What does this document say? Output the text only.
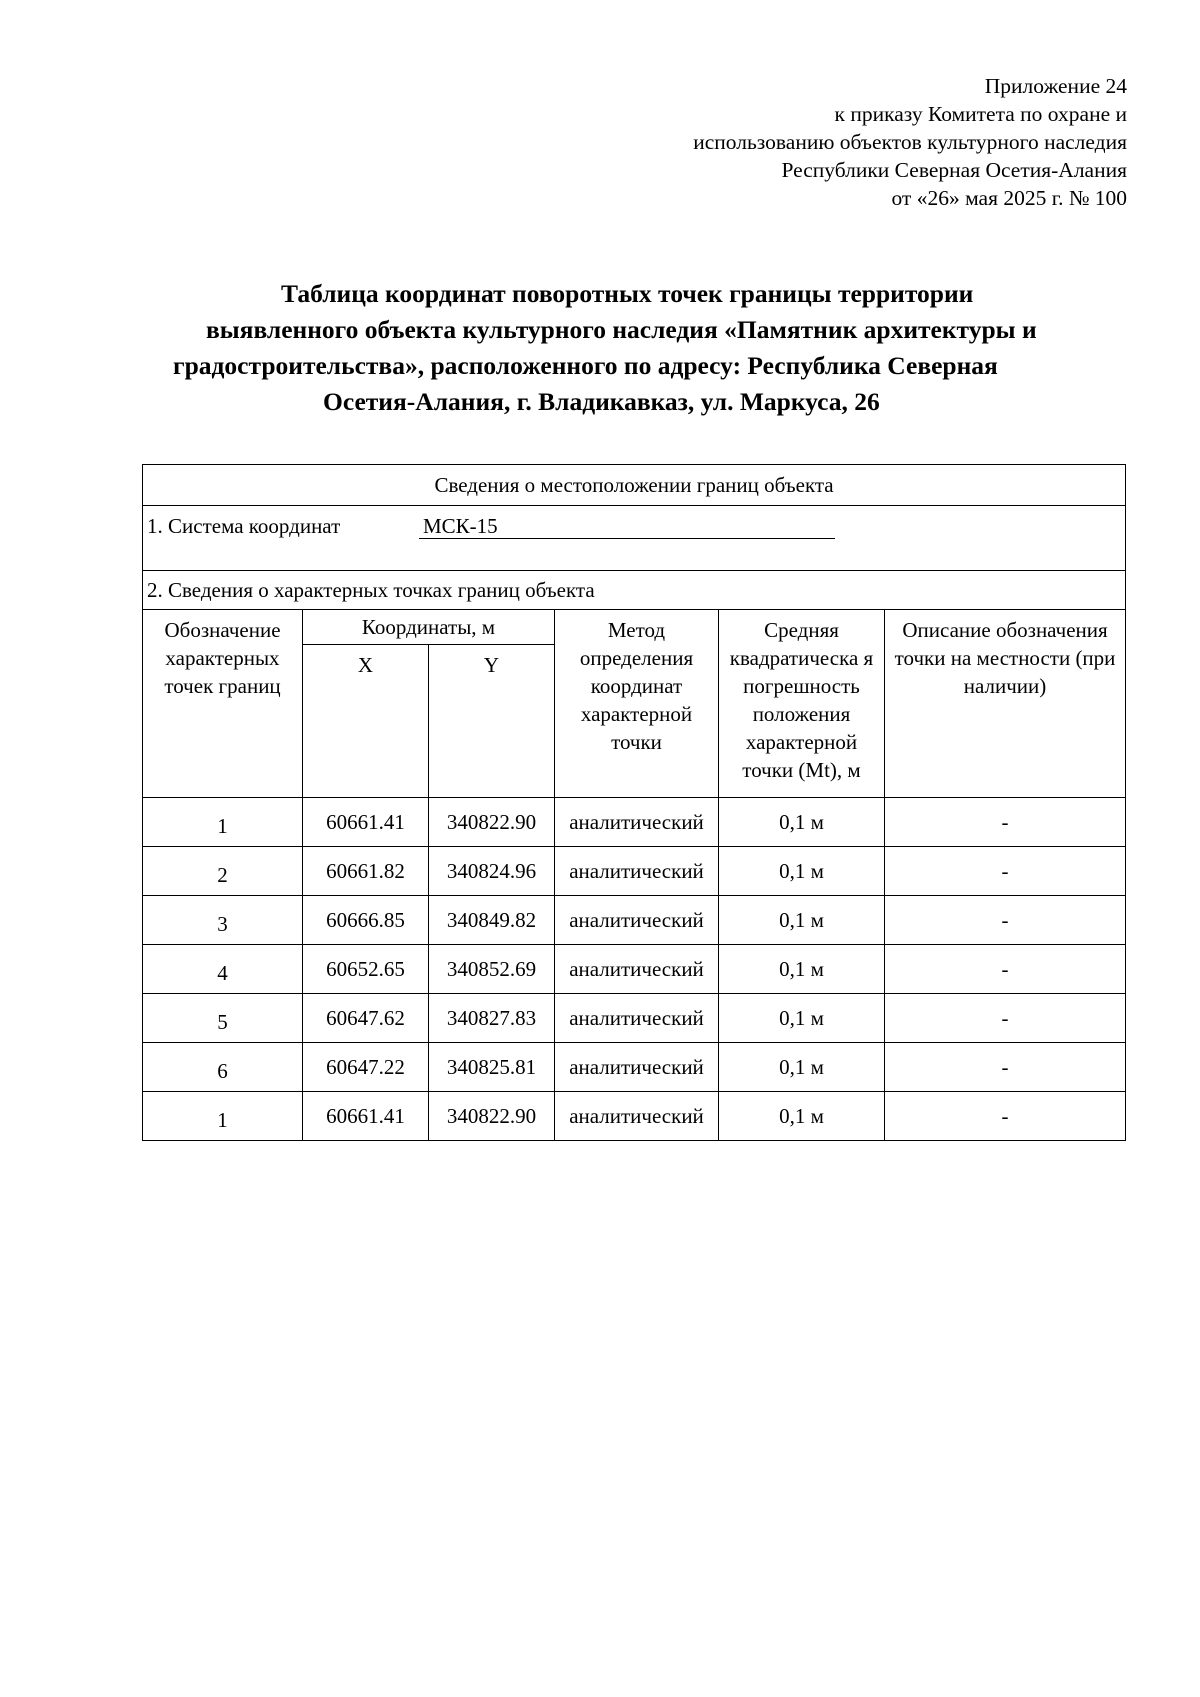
Приложение 24
к приказу Комитета по охране и
использованию объектов культурного наследия
Республики Северная Осетия-Алания
от «26» мая 2025 г. № 100
Таблица координат поворотных точек границы территории
выявленного объекта культурного наследия «Памятник архитектуры и
градостроительства», расположенного по адресу: Республика Северная
Осетия-Алания, г. Владикавказ, ул. Маркуса, 26
Сведения о местоположении границ объекта					

1. Система координат МСК-15					

2. Сведения о характерных точках границ объекта					
Обозначение характерных точек границ	Координаты, м		Метод определения координат характерной точки	Средняя квадратическа я погрешность положения характерной точки (Mt), м	Описание обозначения точки на местности (при наличии)
	X	Y			
1	60661.41	340822.90	аналитический	0,1 м	-
2	60661.82	340824.96	аналитический	0,1 м	-
3	60666.85	340849.82	аналитический	0,1 м	-
4	60652.65	340852.69	аналитический	0,1 м	-
5	60647.62	340827.83	аналитический	0,1 м	-
6	60647.22	340825.81	аналитический	0,1 м	-
1	60661.41	340822.90	аналитический	0,1 м	-
